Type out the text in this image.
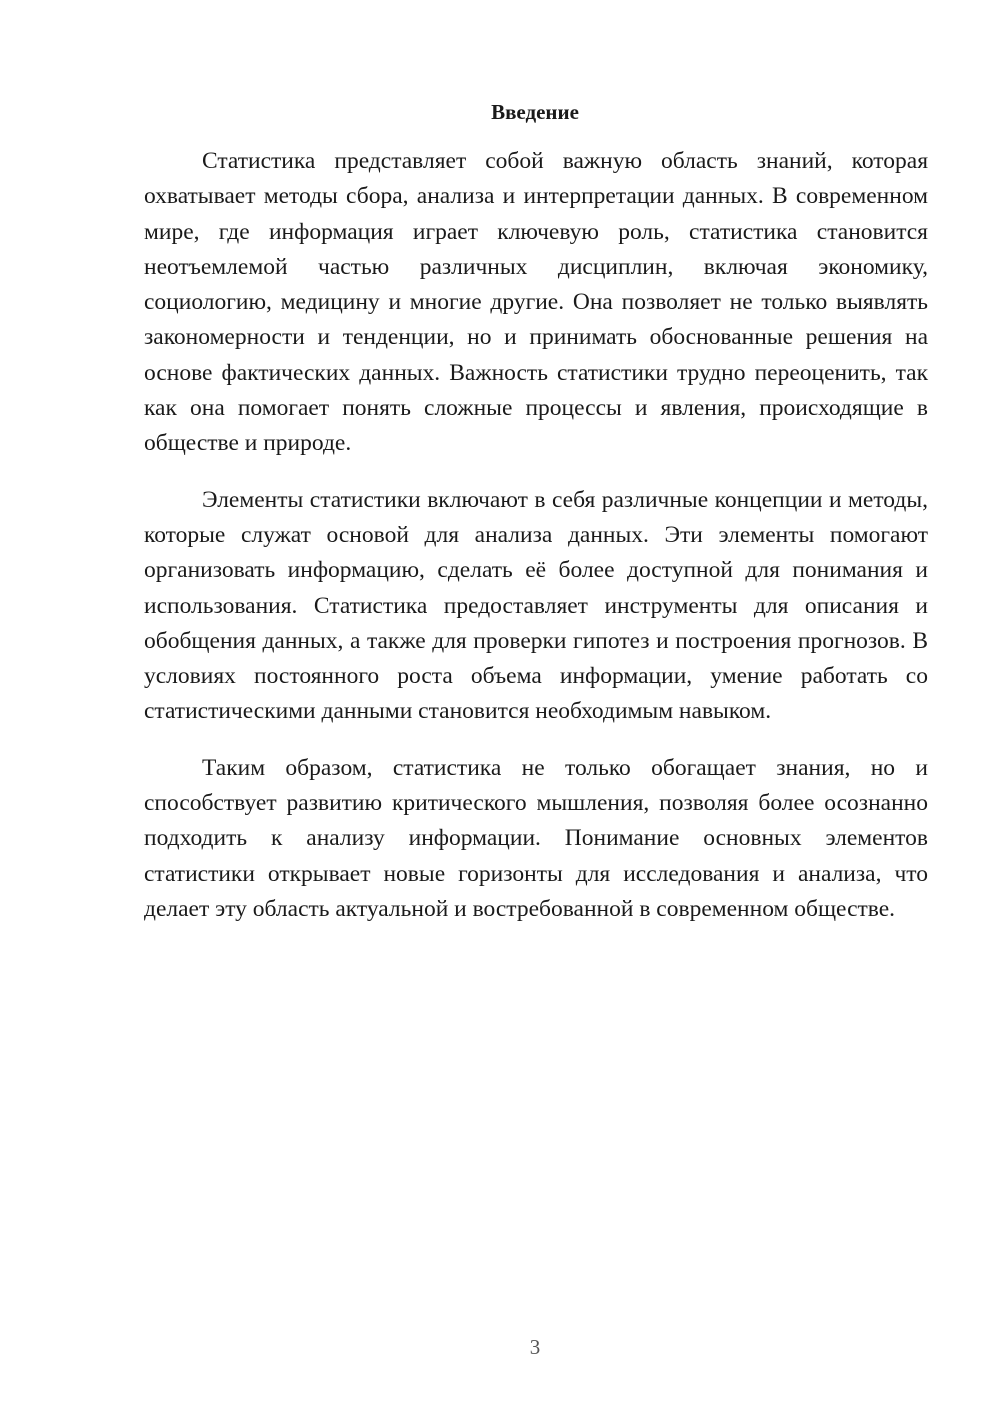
Введение

Статистика представляет собой важную область знаний, которая охватывает методы сбора, анализа и интерпретации данных. В современном мире, где информация играет ключевую роль, статистика становится неотъемлемой частью различных дисциплин, включая экономику, социологию, медицину и многие другие. Она позволяет не только выявлять закономерности и тенденции, но и принимать обоснованные решения на основе фактических данных. Важность статистики трудно переоценить, так как она помогает понять сложные процессы и явления, происходящие в обществе и природе.

Элементы статистики включают в себя различные концепции и методы, которые служат основой для анализа данных. Эти элементы помогают организовать информацию, сделать её более доступной для понимания и использования. Статистика предоставляет инструменты для описания и обобщения данных, а также для проверки гипотез и построения прогнозов. В условиях постоянного роста объема информации, умение работать со статистическими данными становится необходимым навыком.

Таким образом, статистика не только обогащает знания, но и способствует развитию критического мышления, позволяя более осознанно подходить к анализу информации. Понимание основных элементов статистики открывает новые горизонты для исследования и анализа, что делает эту область актуальной и востребованной в современном обществе.

3
